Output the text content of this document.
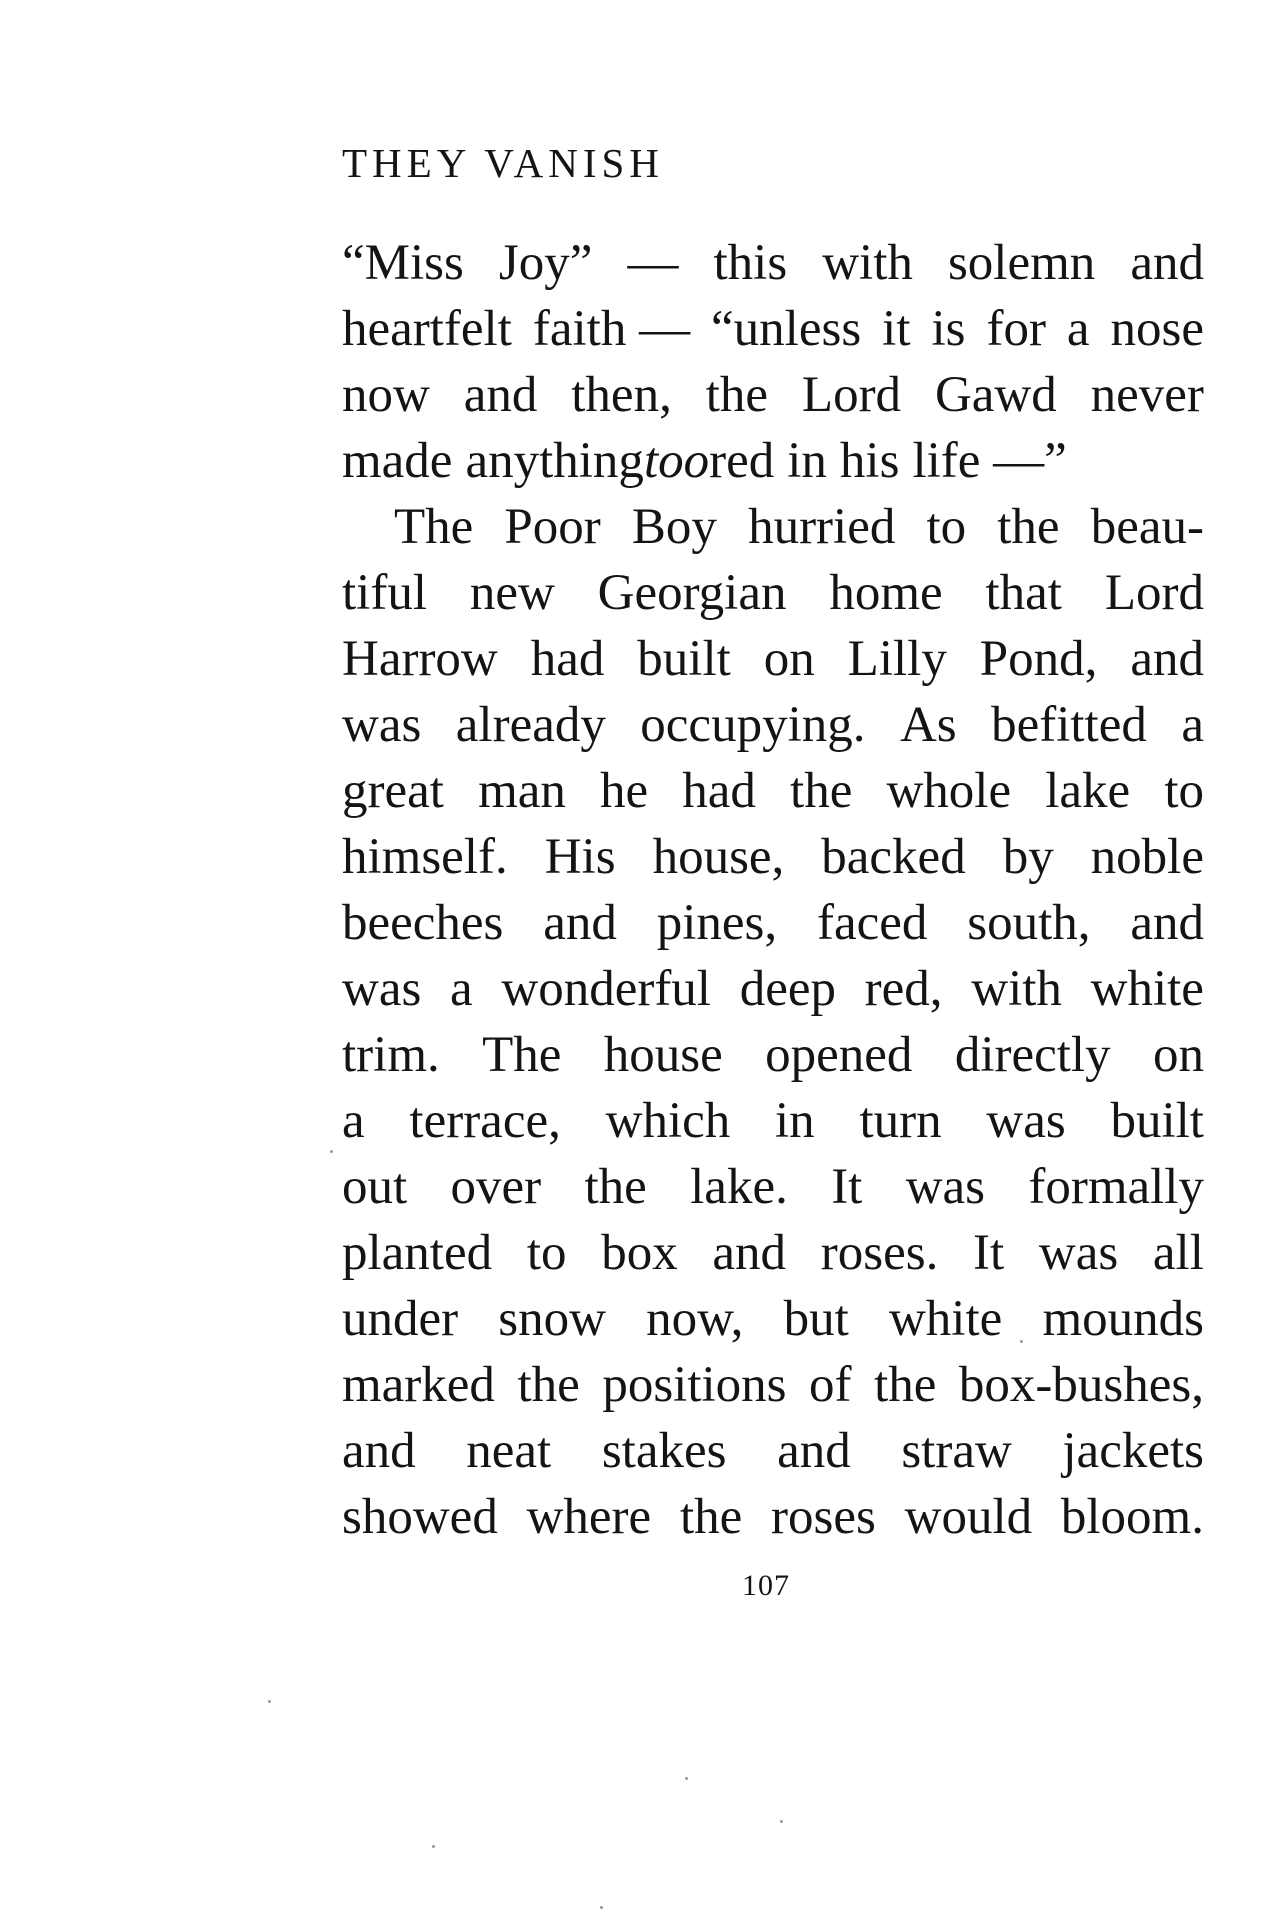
THEY VANISH
“Miss Joy” — this with solemn and
heartfelt faith — “unless it is for a nose
now and then, the Lord Gawd never
made anything too red in his life —”
The Poor Boy hurried to the beau-
tiful new Georgian home that Lord
Harrow had built on Lilly Pond, and
was already occupying. As befitted a
great man he had the whole lake to
himself. His house, backed by noble
beeches and pines, faced south, and
was a wonderful deep red, with white
trim. The house opened directly on
a terrace, which in turn was built
out over the lake. It was formally
planted to box and roses. It was all
under snow now, but white mounds
marked the positions of the box-bushes,
and neat stakes and straw jackets
showed where the roses would bloom.
107
